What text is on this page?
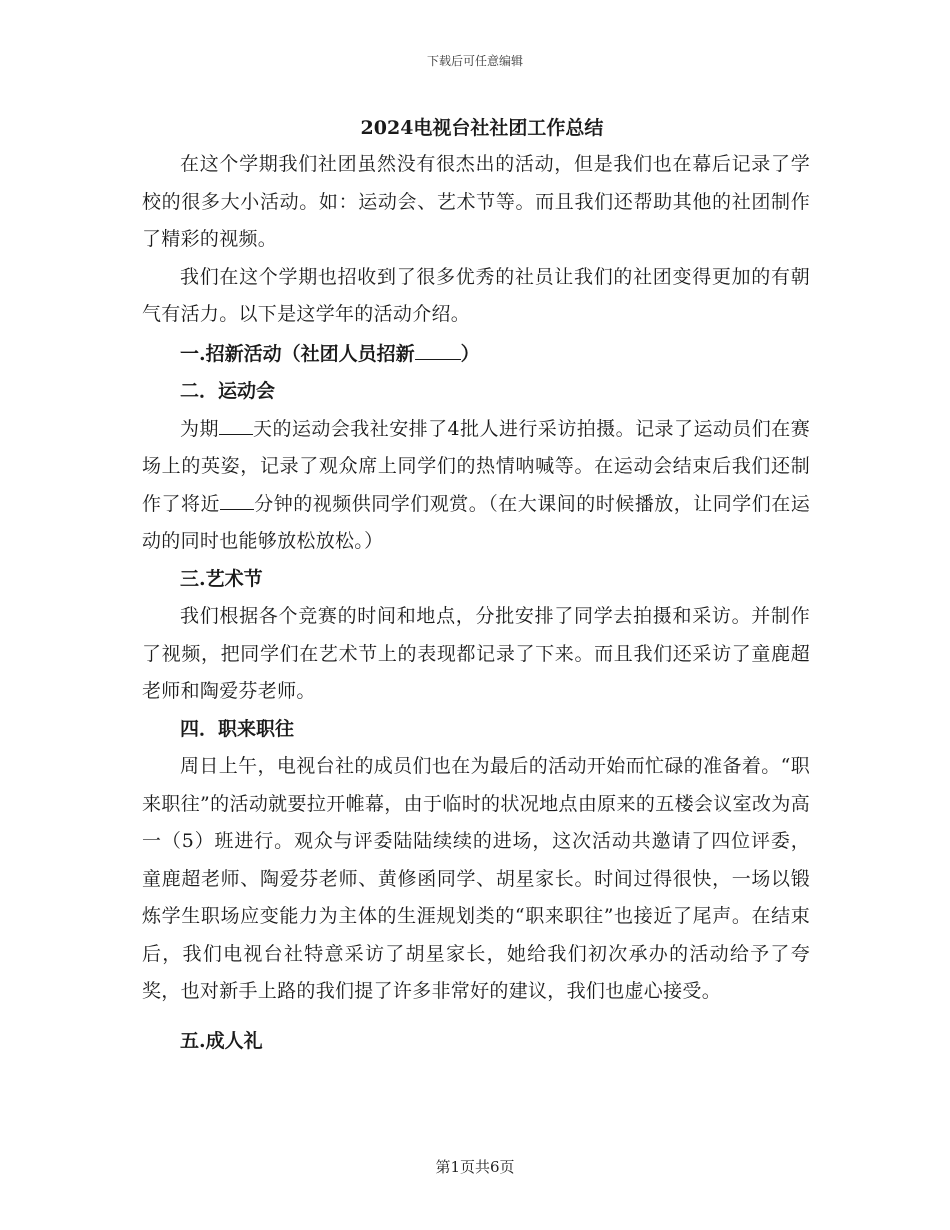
下载后可任意编辑
2024电视台社社团工作总结

在这个学期我们社团虽然没有很杰出的活动，但是我们也在幕后记录了学校的很多大小活动。如：运动会、艺术节等。而且我们还帮助其他的社团制作了精彩的视频。

我们在这个学期也招收到了很多优秀的社员让我们的社团变得更加的有朝气有活力。以下是这学年的活动介绍。

一.招新活动（社团人员招新 ）

二．运动会

为期 天的运动会我社安排了4批人进行采访拍摄。记录了运动员们在赛场上的英姿，记录了观众席上同学们的热情呐喊等。在运动会结束后我们还制作了将近 分钟的视频供同学们观赏。（在大课间的时候播放，让同学们在运动的同时也能够放松放松。）

三.艺术节

我们根据各个竞赛的时间和地点，分批安排了同学去拍摄和采访。并制作了视频，把同学们在艺术节上的表现都记录了下来。而且我们还采访了童鹿超老师和陶爱芬老师。

四．职来职往

周日上午，电视台社的成员们也在为最后的活动开始而忙碌的准备着。“职来职往”的活动就要拉开帷幕，由于临时的状况地点由原来的五楼会议室改为高一（5）班进行。观众与评委陆陆续续的进场，这次活动共邀请了四位评委，童鹿超老师、陶爱芬老师、黄修函同学、胡星家长。时间过得很快，一场以锻炼学生职场应变能力为主体的生涯规划类的“职来职往”也接近了尾声。在结束后，我们电视台社特意采访了胡星家长，她给我们初次承办的活动给予了夸奖，也对新手上路的我们提了许多非常好的建议，我们也虚心接受。

五.成人礼

第1页共6页
